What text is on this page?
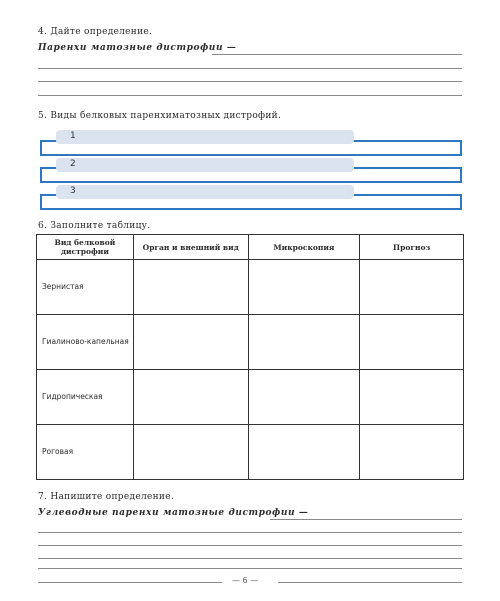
4. Дайте определение.
Паренхи матозные дистрофии —
5. Виды белковых паренхиматозных дистрофий.
1
2
3
6. Заполните таблицу.
Вид белковой дистрофии	Орган и внешний вид	Микроскопия	Прогноз
Зернистая			
Гиалиново-капельная			
Гидропическая			
Роговая			
7. Напишите определение.
Углеводные паренхи матозные дистрофии —
— 6 —
